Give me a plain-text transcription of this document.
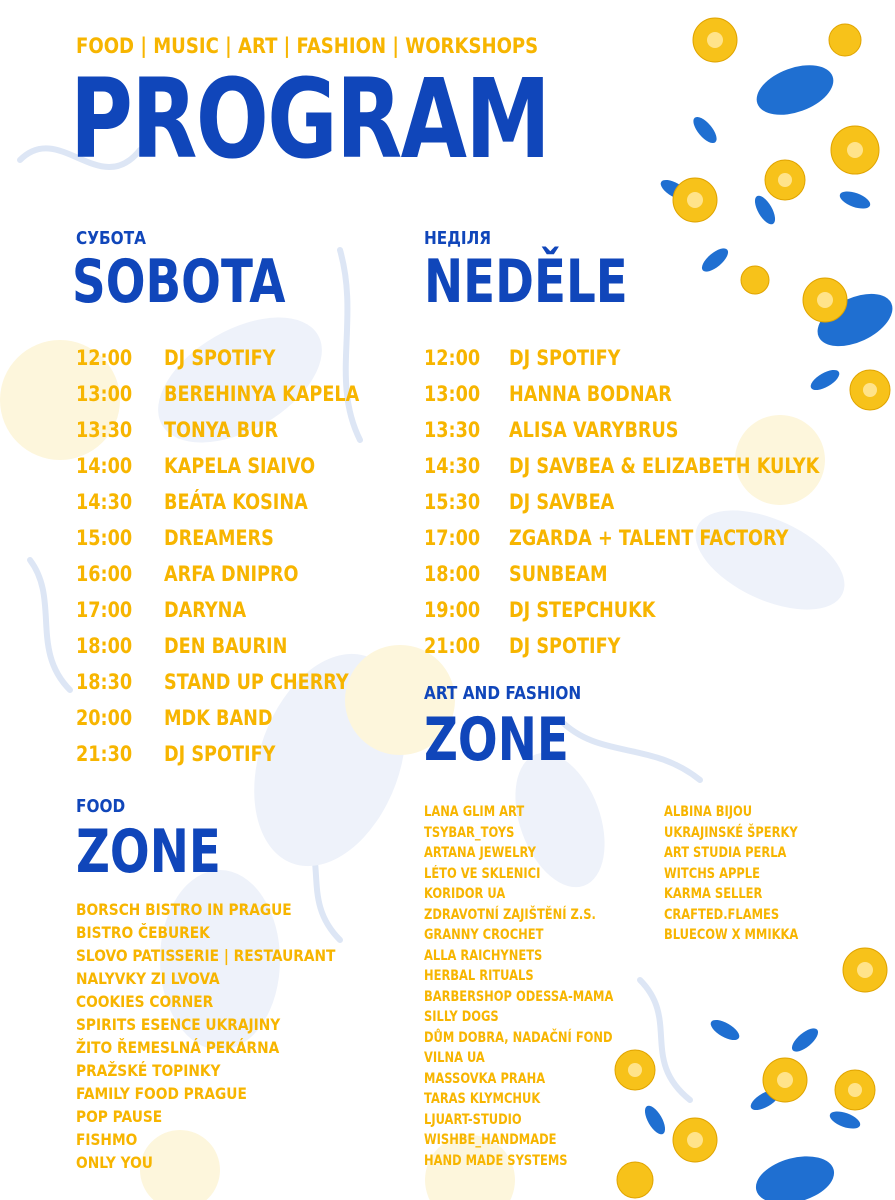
FOOD | MUSIC | ART | FASHION | WORKSHOPS
PROGRAM
СУБОТА
SOBOTA
12:00 DJ SPOTIFY
13:00 BEREHINYA KAPELA
13:30 TONYA BUR
14:00 KAPELA SIAIVO
14:30 BEÁTA KOSINA
15:00 DREAMERS
16:00 ARFA DNIPRO
17:00 DARYNA
18:00 DEN BAURIN
18:30 STAND UP CHERRY
20:00 MDK BAND
21:30 DJ SPOTIFY
НЕДІЛЯ
NEDĚLE
12:00 DJ SPOTIFY
13:00 HANNA BODNAR
13:30 ALISA VARYBRUS
14:30 DJ SAVBEA & ELIZABETH KULYK
15:30 DJ SAVBEA
17:00 ZGARDA + TALENT FACTORY
18:00 SUNBEAM
19:00 DJ STEPCHUKK
21:00 DJ SPOTIFY
FOOD
ZONE
BORSCH BISTRO IN PRAGUE
BISTRO ČEBUREK
SLOVO PATISSERIE | RESTAURANT
NALYVKY ZI LVOVA
COOKIES CORNER
SPIRITS ESENCE UKRAJINY
ŽITO ŘEMESLNÁ PEKÁRNA
PRAŽSKÉ TOPINKY
FAMILY FOOD PRAGUE
POP PAUSE
FISHMO
ONLY YOU
ART AND FASHION
ZONE
LANA GLIM ART
TSYBAR_TOYS
ARTANA JEWELRY
LÉTO VE SKLENICI
KORIDOR UA
ZDRAVOTNÍ ZAJIŠTĚNÍ Z.S.
GRANNY CROCHET
ALLA RAICHYNETS
HERBAL RITUALS
BARBERSHOP ODESSA-MAMA
SILLY DOGS
DŮM DOBRA, NADAČNÍ FOND
VILNA UA
MASSOVKA PRAHA
TARAS KLYMCHUK
LJUART-STUDIO
WISHBE_HANDMADE
HAND MADE SYSTEMS
ALBINA BIJOU
UKRAJINSKÉ ŠPERKY
ART STUDIA PERLA
WITCHS APPLE
KARMA SELLER
CRAFTED.FLAMES
BLUECOW X MMIKKA
